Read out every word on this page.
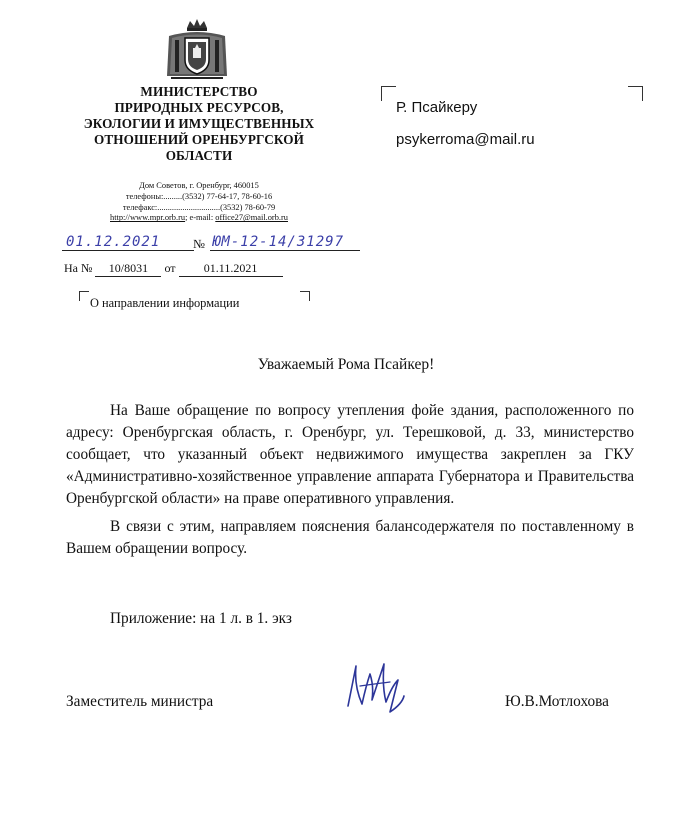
МИНИСТЕРСТВО
ПРИРОДНЫХ РЕСУРСОВ,
ЭКОЛОГИИ И ИМУЩЕСТВЕННЫХ
ОТНОШЕНИЙ ОРЕНБУРГСКОЙ
ОБЛАСТИ
Дом Советов, г. Оренбург, 460015
телефоны:.........(3532) 77-64-17, 78-60-16
телефакс:..............................(3532) 78-60-79
http://www.mpr.orb.ru; e-mail: office27@mail.orb.ru
Р. Псайкеру
psykerroma@mail.ru
01.12.2021	№ ЮМ-12-14/31297
На № 10/8031 от 01.11.2021
О направлении информации
Уважаемый Рома Псайкер!

На Ваше обращение по вопросу утепления фойе здания, расположенного по адресу: Оренбургская область, г. Оренбург, ул. Терешковой, д. 33, министерство сообщает, что указанный объект недвижимого имущества закреплен за ГКУ «Административно-хозяйственное управление аппарата Губернатора и Правительства Оренбургской области» на праве оперативного управления.

В связи с этим, направляем пояснения балансодержателя по поставленному в Вашем обращении вопросу.

Приложение: на 1 л. в 1. экз
Заместитель министра	Ю.В.Мотлохова
